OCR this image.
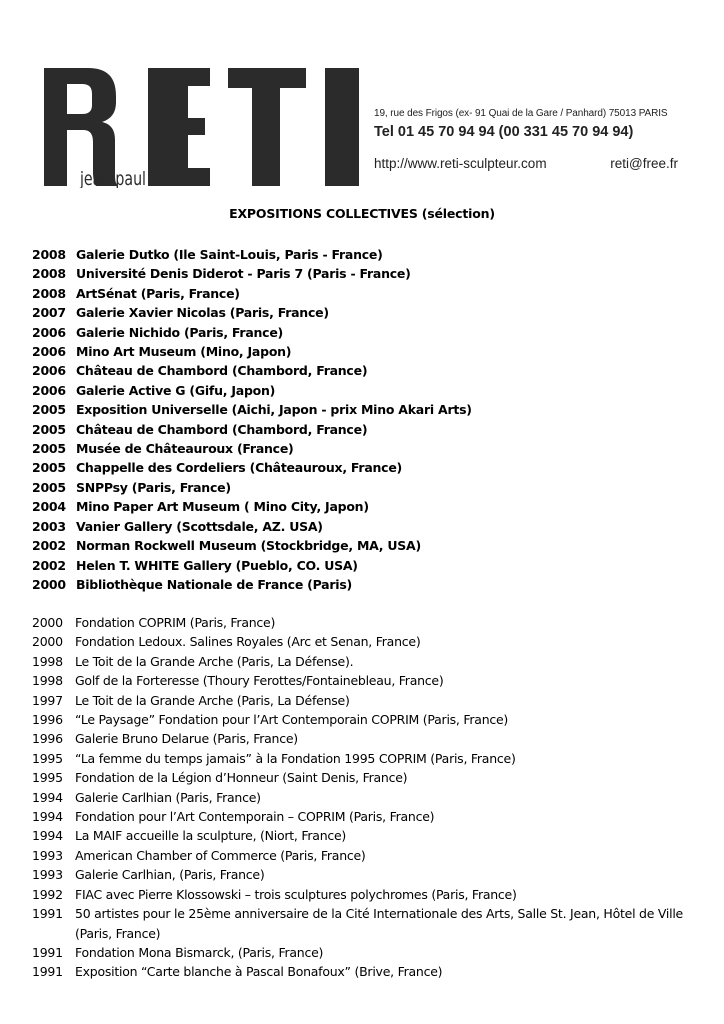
jean-paul
19, rue des Frigos (ex- 91 Quai de la Gare / Panhard) 75013 PARIS
Tel 01 45 70 94 94 (00 331 45 70 94 94)
http://www.reti-sculpteur.com	reti@free.fr
EXPOSITIONS COLLECTIVES (sélection)
2008 Galerie Dutko (Ile Saint-Louis, Paris - France)
2008 Université Denis Diderot - Paris 7 (Paris - France)
2008 ArtSénat (Paris, France)
2007 Galerie Xavier Nicolas (Paris, France)
2006 Galerie Nichido (Paris, France)
2006 Mino Art Museum (Mino, Japon)
2006 Château de Chambord (Chambord, France)
2006 Galerie Active G (Gifu, Japon)
2005 Exposition Universelle (Aichi, Japon - prix Mino Akari Arts)
2005 Château de Chambord (Chambord, France)
2005 Musée de Châteauroux (France)
2005 Chappelle des Cordeliers (Châteauroux, France)
2005 SNPPsy (Paris, France)
2004 Mino Paper Art Museum ( Mino City, Japon)
2003 Vanier Gallery (Scottsdale, AZ. USA)
2002 Norman Rockwell Museum (Stockbridge, MA, USA)
2002 Helen T. WHITE Gallery (Pueblo, CO. USA)
2000 Bibliothèque Nationale de France (Paris)
2000 Fondation COPRIM (Paris, France)
2000 Fondation Ledoux. Salines Royales (Arc et Senan, France)
1998 Le Toit de la Grande Arche (Paris, La Défense).
1998 Golf de la Forteresse (Thoury Ferottes/Fontainebleau, France)
1997 Le Toit de la Grande Arche (Paris, La Défense)
1996 “Le Paysage” Fondation pour l’Art Contemporain COPRIM (Paris, France)
1996 Galerie Bruno Delarue (Paris, France)
1995 “La femme du temps jamais” à la Fondation 1995 COPRIM (Paris, France)
1995 Fondation de la Légion d’Honneur (Saint Denis, France)
1994 Galerie Carlhian (Paris, France)
1994 Fondation pour l’Art Contemporain – COPRIM (Paris, France)
1994 La MAIF accueille la sculpture, (Niort, France)
1993 American Chamber of Commerce (Paris, France)
1993 Galerie Carlhian, (Paris, France)
1992 FIAC avec Pierre Klossowski – trois sculptures polychromes (Paris, France)
1991 50 artistes pour le 25ème anniversaire de la Cité Internationale des Arts, Salle St. Jean, Hôtel de Ville (Paris, France)
1991 Fondation Mona Bismarck, (Paris, France)
1991 Exposition “Carte blanche à Pascal Bonafoux” (Brive, France)
